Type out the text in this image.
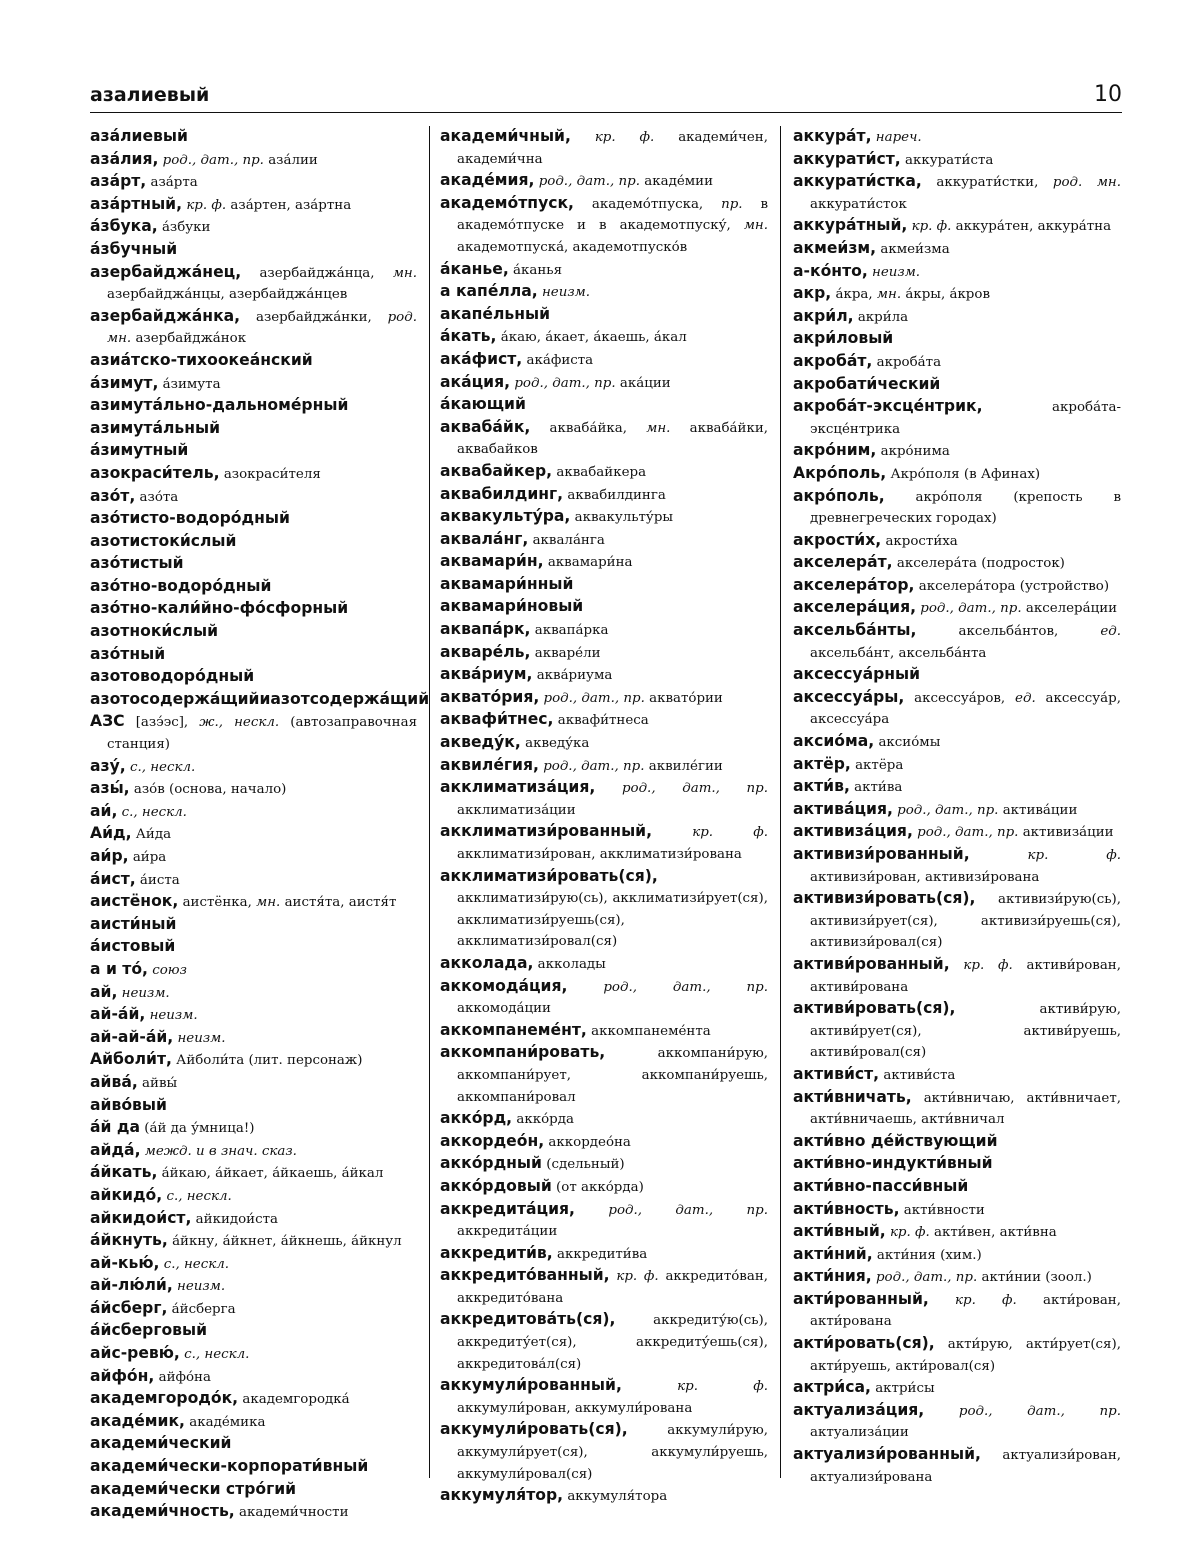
азалиевый	10
аза́лиевый
аза́лия, род., дат., пр. аза́лии
аза́рт, аза́рта
аза́ртный, кр. ф. аза́ртен, аза́ртна
а́збука, а́збуки
а́збучный
азербайджа́нец, азербайджа́нца, мн. азербайджа́нцы, азербайджа́нцев
азербайджа́нка, азербайджа́нки, род. мн. азербайджа́нок
азиа́тско-тихоокеа́нский
а́зимут, а́зимута
азимута́льно-дальноме́рный
азимута́льный
а́зимутный
азокраси́тель, азокраси́теля
азо́т, азо́та
азо́тисто-водоро́дный
азотистоки́слый
азо́тистый
азо́тно-водоро́дный
азо́тно-кали́йно-фо́сфорный
азотноки́слый
азо́тный
азотоводоро́дный
азотосодержа́щийиазотсодержа́щий
АЗС [азэ́эс], ж., нескл. (автозаправочная станция)
азу́, с., нескл.
азы́, азо́в (основа, начало)
аи́, с., нескл.
Аи́д, Аи́да
аи́р, аи́ра
а́ист, а́иста
аистёнок, аистёнка, мн. аистя́та, аистя́т
аисти́ный
а́истовый
а и то́, союз
ай, неизм.
ай-а́й, неизм.
ай-ай-а́й, неизм.
Айболи́т, Айболи́та (лит. персонаж)
айва́, айвы́
айво́вый
а́й да (а́й да у́мница!)
айда́, межд. и в знач. сказ.
а́йкать, а́йкаю, а́йкает, а́йкаешь, а́йкал
айкидо́, с., нескл.
айкидои́ст, айкидои́ста
а́йкнуть, а́йкну, а́йкнет, а́йкнешь, а́йкнул
ай-кью́, с., нескл.
ай-лю́ли́, неизм.
а́йсберг, а́йсберга
а́йсберговый
айс-ревю́, с., нескл.
айфо́н, айфо́на
академгородо́к, академгородка́
акаде́мик, акаде́мика
академи́ческий
академи́чески-корпорати́вный
академи́чески стро́гий
академи́чность, академи́чности
академи́чный, кр. ф. академи́чен, академи́чна
акаде́мия, род., дат., пр. акаде́мии
академо́тпуск, академо́тпуска, пр. в академо́тпуске и в академотпуску́, мн. академотпуска́, академотпуско́в
а́канье, а́канья
а капе́лла, неизм.
акапе́льный
а́кать, а́каю, а́кает, а́каешь, а́кал
ака́фист, ака́фиста
ака́ция, род., дат., пр. ака́ции
а́кающий
акваба́йк, акваба́йка, мн. акваба́йки, аквабайков
аквабайкер, аквабайкера
аквабилдинг, аквабилдинга
аквакульту́ра, аквакульту́ры
аквала́нг, аквала́нга
аквамари́н, аквамари́на
аквамари́нный
аквамари́новый
аквапа́рк, аквапа́рка
акваре́ль, акваре́ли
аква́риум, аква́риума
аквато́рия, род., дат., пр. аквато́рии
аквафи́тнес, аквафи́тнеса
акведу́к, акведу́ка
аквиле́гия, род., дат., пр. аквиле́гии
акклиматиза́ция, род., дат., пр. акклиматиза́ции
акклиматизи́рованный,	кр. ф. акклиматизи́рован, акклиматизи́рована
акклиматизи́ровать(ся), акклиматизи́рую(сь), акклиматизи́рует(ся), акклиматизи́руешь(ся), акклиматизи́ровал(ся)
акколада, акколады
аккомода́ция,	род., дат., пр. аккомода́ции
аккомпанеме́нт, аккомпанеме́нта
аккомпани́ровать,	аккомпани́рую, аккомпани́рует, аккомпани́руешь, аккомпани́ровал
акко́рд, акко́рда
аккордео́н, аккордео́на
акко́рдный (сдельный)
акко́рдовый (от акко́рда)
аккредита́ция, род., дат., пр. аккредита́ции
аккредити́в, аккредити́ва
аккредито́ванный, кр. ф. аккредито́ван, аккредито́вана
аккредитова́ть(ся),	аккредиту́ю(сь), аккредиту́ет(ся), аккредиту́ешь(ся), аккредитова́л(ся)
аккумули́рованный,	кр. ф. аккумули́рован, аккумули́рована
аккумули́ровать(ся),	аккумули́рую, аккумули́рует(ся), аккумули́руешь, аккумули́ровал(ся)
аккумуля́тор, аккумуля́тора
аккура́т, нареч.
аккурати́ст, аккурати́ста
аккурати́стка, аккурати́стки, род. мн. аккурати́сток
аккура́тный, кр. ф. аккура́тен, аккура́тна
акмеи́зм, акмеи́зма
а-ко́нто, неизм.
акр, а́кра, мн. а́кры, а́кров
акри́л, акри́ла
акри́ловый
акроба́т, акроба́та
акробати́ческий
акроба́т-эксце́нтрик,	акроба́та-эксце́нтрика
акро́ним, акро́нима
Акро́поль, Акро́поля (в Афинах)
акро́поль, акро́поля (крепость в древнегреческих городах)
акрости́х, акрости́ха
акселера́т, акселера́та (подросток)
акселера́тор, акселера́тора (устройство)
акселера́ция, род., дат., пр. акселера́ции
аксельба́нты,	аксельба́нтов,	ед. аксельба́нт, аксельба́нта
аксессуа́рный
аксессуа́ры, аксессуа́ров, ед. аксессуа́р, аксессуа́ра
аксио́ма, аксио́мы
актёр, актёра
акти́в, акти́ва
актива́ция, род., дат., пр. актива́ции
активиза́ция, род., дат., пр. активиза́ции
активизи́рованный,	кр. ф. активизи́рован, активизи́рована
активизи́ровать(ся), активизи́рую(сь), активизи́рует(ся), активизи́руешь(ся), активизи́ровал(ся)
активи́рованный, кр. ф. активи́рован, активи́рована
активи́ровать(ся),	активи́рую, активи́рует(ся), активи́руешь, активи́ровал(ся)
активи́ст, активи́ста
акти́вничать, акти́вничаю, акти́вничает, акти́вничаешь, акти́вничал
акти́вно де́йствующий
акти́вно-индукти́вный
акти́вно-пасси́вный
акти́вность, акти́вности
акти́вный, кр. ф. акти́вен, акти́вна
акти́ний, акти́ния (хим.)
акти́ния, род., дат., пр. акти́нии (зоол.)
акти́рованный, кр. ф. акти́рован, акти́рована
акти́ровать(ся), акти́рую, акти́рует(ся), акти́руешь, акти́ровал(ся)
актри́са, актри́сы
актуализа́ция,	род., дат., пр. актуализа́ции
актуализи́рованный, актуализи́рован, актуализи́рована
